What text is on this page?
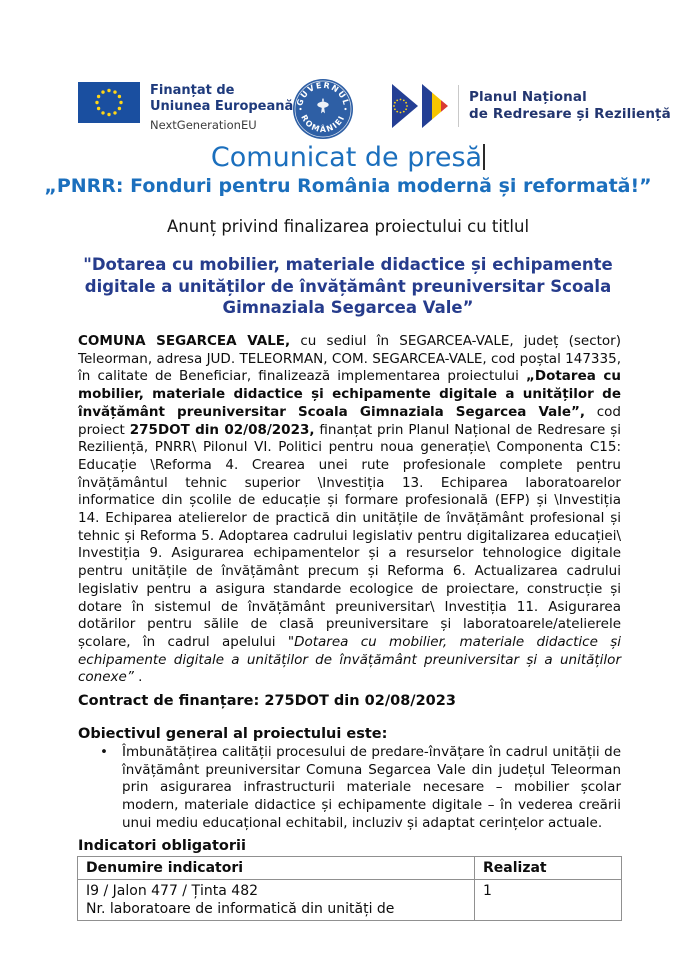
Finanțat de
Uniunea Europeană
NextGenerationEU
GUVERNUL
ROMÂNIEI
Planul Național
de Redresare și Reziliență
Comunicat de presă
„PNRR: Fonduri pentru România modernă și reformată!”
Anunț privind finalizarea proiectului cu titlul
"Dotarea cu mobilier, materiale didactice și echipamente digitale a unităților de învățământ preuniversitar Scoala Gimnaziala Segarcea Vale”
COMUNA SEGARCEA VALE, cu sediul în SEGARCEA-VALE, județ (sector) Teleorman, adresa JUD. TELEORMAN, COM. SEGARCEA-VALE, cod poștal 147335, în calitate de Beneficiar, finalizează implementarea proiectului „Dotarea cu mobilier, materiale didactice și echipamente digitale a unităților de învățământ preuniversitar Scoala Gimnaziala Segarcea Vale”, cod proiect 275DOT din 02/08/2023, finanțat prin Planul Național de Redresare și Reziliență, PNRR\ Pilonul VI. Politici pentru noua generație\ Componenta C15: Educație \Reforma 4. Crearea unei rute profesionale complete pentru învățământul tehnic superior \Investiția 13. Echiparea laboratoarelor informatice din școlile de educație și formare profesională (EFP) și \Investiția 14. Echiparea atelierelor de practică din unitățile de învățământ profesional și tehnic și Reforma 5. Adoptarea cadrului legislativ pentru digitalizarea educației\ Investiția 9. Asigurarea echipamentelor și a resurselor tehnologice digitale pentru unitățile de învățământ precum și Reforma 6. Actualizarea cadrului legislativ pentru a asigura standarde ecologice de proiectare, construcție și dotare în sistemul de învățământ preuniversitar\ Investiția 11. Asigurarea dotărilor pentru sălile de clasă preuniversitare și laboratoarele/atelierele școlare, în cadrul apelului "Dotarea cu mobilier, materiale didactice și echipamente digitale a unităților de învățământ preuniversitar și a unităților conexe” .
Contract de finanțare: 275DOT din 02/08/2023
Obiectivul general al proiectului este:
•	Îmbunătățirea calității procesului de predare-învățare în cadrul unității de învățământ preuniversitar Comuna Segarcea Vale din județul Teleorman prin asigurarea infrastructurii materiale necesare – mobilier școlar modern, materiale didactice și echipamente digitale – în vederea creării unui mediu educațional echitabil, incluziv și adaptat cerințelor actuale.
Indicatori obligatorii
Denumire indicatori	Realizat

I9 / Jalon 477 / Ținta 482
Nr. laboratoare de informatică din unități de	1
